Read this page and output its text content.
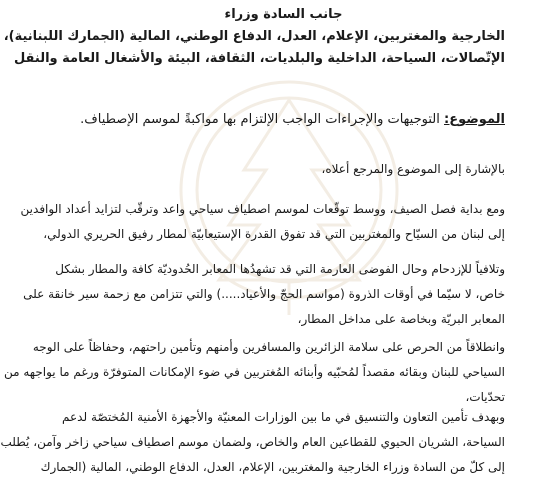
جانب السادة وزراء
الخارجية والمغتربين، الإعلام، العدل، الدفاع الوطني، المالية (الجمارك اللبنانية)،
الإتّصالات، السياحة، الداخلية والبلديات، الثقافة، البيئة والأشغال العامة والنقل
الموضوع: التوجيهات والإجراءات الواجب الإلتزام بها مواكبةً لموسم الإصطياف.
بالإشارة إلى الموضوع والمرجع أعلاه،
ومع بداية فصل الصيف، ووسط توقّعات لموسم اصطياف سياحي واعد وترقّب لتزايد أعداد الوافدين
إلى لبنان من السيّاح والمغتربين التي قد تفوق القدرة الإستيعابيّة لمطار رفيق الحريري الدولي،
وتلافياً للإزدحام وحال الفوضى العارمة التي قد تشهدُها المعابر الحُدوديّة كافة والمطار بشكل
خاص، لا سيّما في أوقات الذروة (مواسم الحجّ والأعياد.....) والتي تتزامن مع زحمة سير خانقة على
المعابر البريّة وبخاصة على مداخل المطار،
وانطلاقاً من الحرص على سلامة الزائرين والمسافرين وأمنهم وتأمين راحتهم، وحفاظاً على الوجه
السياحي للبنان وبقائه مقصداً لمُحبّيه وأبنائه المُغتربين في ضوء الإمكانات المتوفرّة ورغم ما يواجهه من
تحدّيات،
وبهدف تأمين التعاون والتنسيق في ما بين الوزارات المعنيّة والأجهزة الأمنية المُختصّة لدعم
السياحة، الشريان الحيوي للقطاعين العام والخاص، ولضمان موسم اصطياف سياحي زاخر وآمن، يُطلب
إلى كلّ من السادة وزراء الخارجية والمغتربين، الإعلام، العدل، الدفاع الوطني، المالية (الجمارك
